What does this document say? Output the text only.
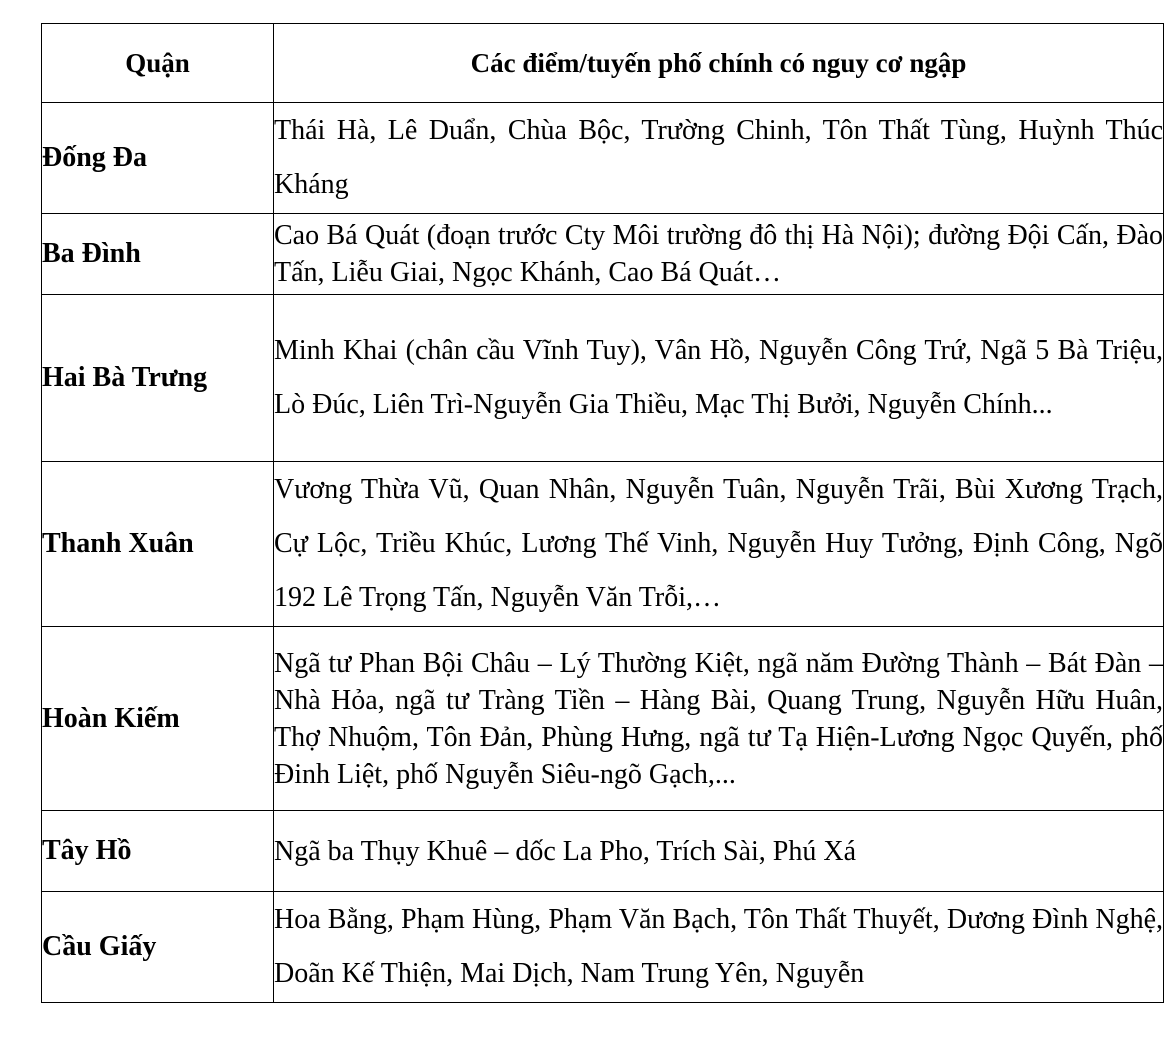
Quận	Các điểm/tuyến phố chính có nguy cơ ngập
Đống Đa	Thái Hà, Lê Duẩn, Chùa Bộc, Trường Chinh, Tôn Thất Tùng, Huỳnh Thúc Kháng
Ba Đình	Cao Bá Quát (đoạn trước Cty Môi trường đô thị Hà Nội); đường Đội Cấn, Đào Tấn, Liễu Giai, Ngọc Khánh, Cao Bá Quát…
Hai Bà Trưng	Minh Khai (chân cầu Vĩnh Tuy), Vân Hồ, Nguyễn Công Trứ, Ngã 5 Bà Triệu, Lò Đúc, Liên Trì-Nguyễn Gia Thiều, Mạc Thị Bưởi, Nguyễn Chính...
Thanh Xuân	Vương Thừa Vũ, Quan Nhân, Nguyễn Tuân, Nguyễn Trãi, Bùi Xương Trạch, Cự Lộc, Triều Khúc, Lương Thế Vinh, Nguyễn Huy Tưởng, Định Công, Ngõ 192 Lê Trọng Tấn, Nguyễn Văn Trỗi,…
Hoàn Kiếm	Ngã tư Phan Bội Châu – Lý Thường Kiệt, ngã năm Đường Thành – Bát Đàn – Nhà Hỏa, ngã tư Tràng Tiền – Hàng Bài, Quang Trung, Nguyễn Hữu Huân, Thợ Nhuộm, Tôn Đản, Phùng Hưng, ngã tư Tạ Hiện-Lương Ngọc Quyến, phố Đinh Liệt, phố Nguyễn Siêu-ngõ Gạch,...
Tây Hồ	Ngã ba Thụy Khuê – dốc La Pho, Trích Sài, Phú Xá
Cầu Giấy	Hoa Bằng, Phạm Hùng, Phạm Văn Bạch, Tôn Thất Thuyết, Dương Đình Nghệ, Doãn Kế Thiện, Mai Dịch, Nam Trung Yên, Nguyễn
